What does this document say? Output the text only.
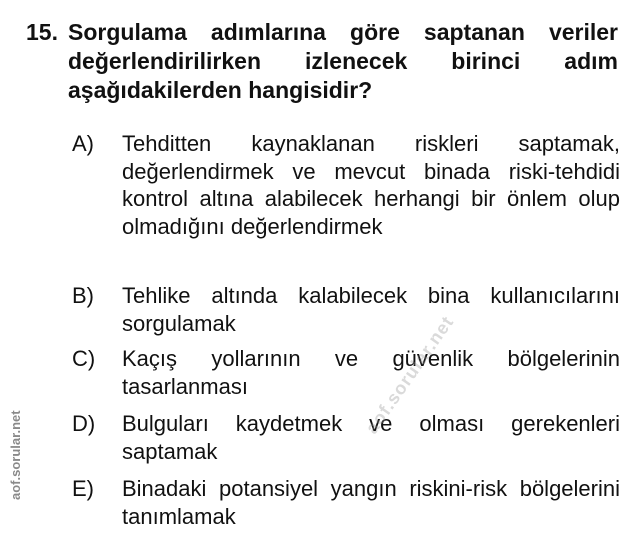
15. Sorgulama adımlarına göre saptanan veriler değerlendirilirken izlenecek birinci adım aşağıdakilerden hangisidir?
A) Tehditten kaynaklanan riskleri saptamak, değerlendirmek ve mevcut binada riski-tehdidi kontrol altına alabilecek herhangi bir önlem olup olmadığını değerlendirmek
B) Tehlike altında kalabilecek bina kullanıcılarını sorgulamak
C) Kaçış yollarının ve güvenlik bölgelerinin tasarlanması
D) Bulguları kaydetmek ve olması gerekenleri saptamak
E) Binadaki potansiyel yangın riskini-risk bölgelerini tanımlamak
aof.sorular.net
aof.sorular.net
